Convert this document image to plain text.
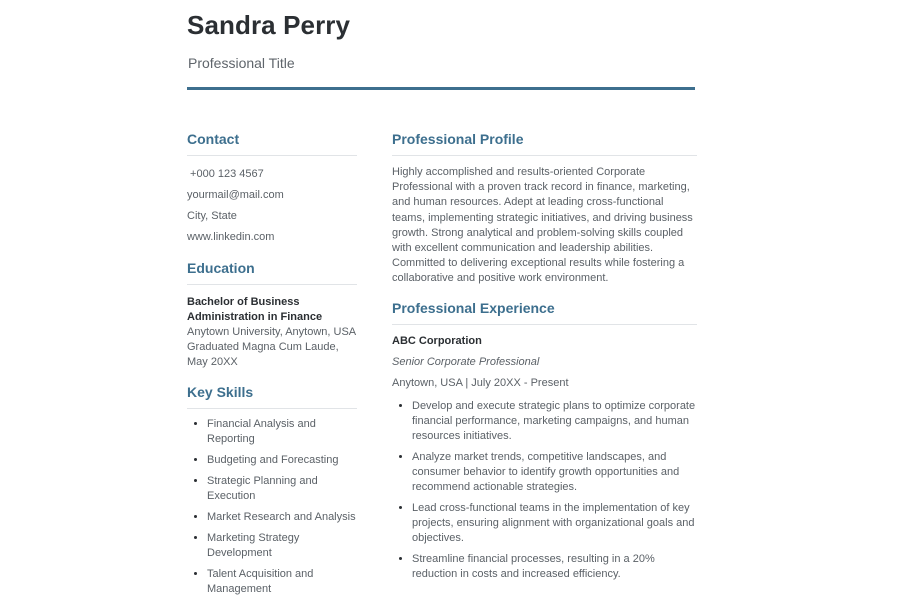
Sandra Perry
Professional Title
Contact
+000 123 4567
yourmail@mail.com
City, State
www.linkedin.com
Education
Bachelor of Business Administration in Finance
Anytown University, Anytown, USA
Graduated Magna Cum Laude, May 20XX
Key Skills
• Financial Analysis and Reporting
• Budgeting and Forecasting
• Strategic Planning and Execution
• Market Research and Analysis
• Marketing Strategy Development
• Talent Acquisition and Management
Professional Profile

Highly accomplished and results-oriented Corporate Professional with a proven track record in finance, marketing, and human resources. Adept at leading cross-functional teams, implementing strategic initiatives, and driving business growth. Strong analytical and problem-solving skills coupled with excellent communication and leadership abilities. Committed to delivering exceptional results while fostering a collaborative and positive work environment.

Professional Experience
ABC Corporation
Senior Corporate Professional
Anytown, USA | July 20XX - Present
• Develop and execute strategic plans to optimize corporate financial performance, marketing campaigns, and human resources initiatives.
• Analyze market trends, competitive landscapes, and consumer behavior to identify growth opportunities and recommend actionable strategies.
• Lead cross-functional teams in the implementation of key projects, ensuring alignment with organizational goals and objectives.
• Streamline financial processes, resulting in a 20% reduction in costs and increased efficiency.
